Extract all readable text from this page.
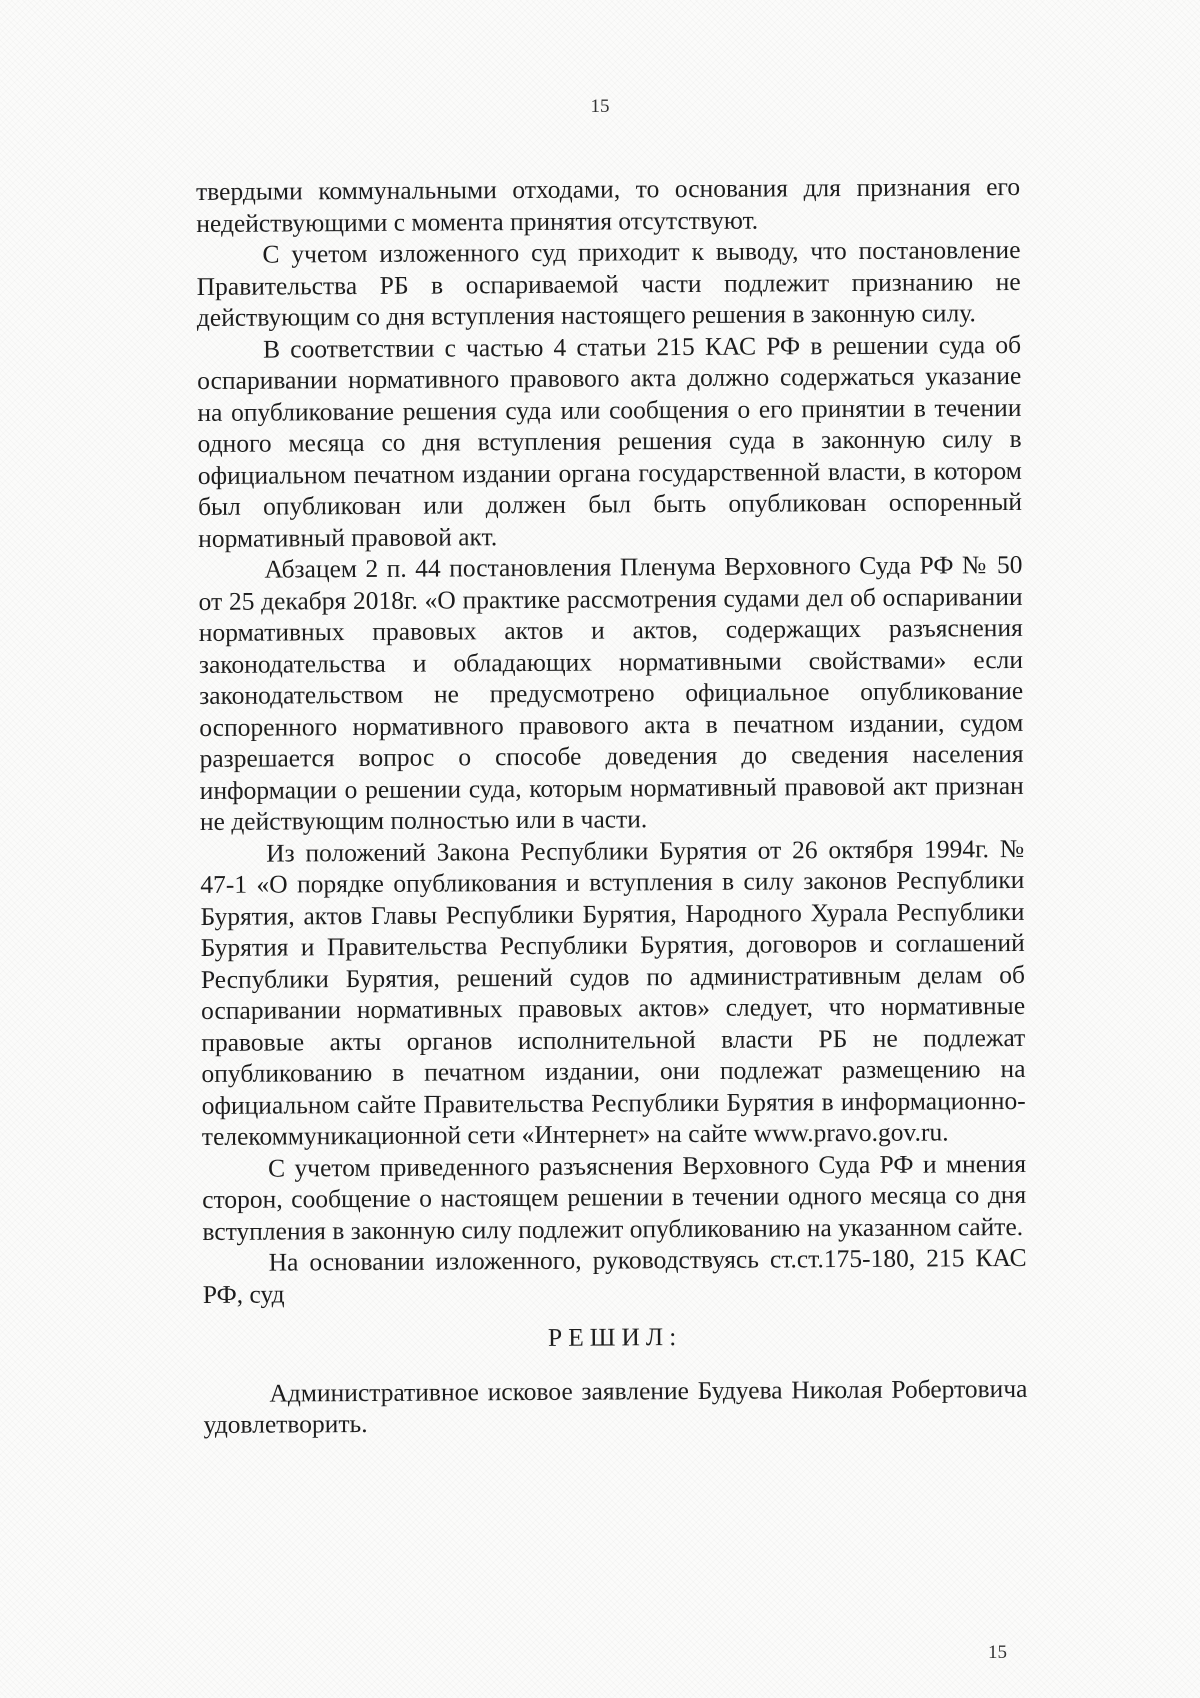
15

твердыми коммунальными отходами, то основания для признания его недействующими с момента принятия отсутствуют.

С учетом изложенного суд приходит к выводу, что постановление Правительства РБ в оспариваемой части подлежит признанию не действующим со дня вступления настоящего решения в законную силу.

В соответствии с частью 4 статьи 215 КАС РФ в решении суда об оспаривании нормативного правового акта должно содержаться указание на опубликование решения суда или сообщения о его принятии в течении одного месяца со дня вступления решения суда в законную силу в официальном печатном издании органа государственной власти, в котором был опубликован или должен был быть опубликован оспоренный нормативный правовой акт.

Абзацем 2 п. 44 постановления Пленума Верховного Суда РФ № 50 от 25 декабря 2018г. «О практике рассмотрения судами дел об оспаривании нормативных правовых актов и актов, содержащих разъяснения законодательства и обладающих нормативными свойствами» если законодательством не предусмотрено официальное опубликование оспоренного нормативного правового акта в печатном издании, судом разрешается вопрос о способе доведения до сведения населения информации о решении суда, которым нормативный правовой акт признан не действующим полностью или в части.

Из положений Закона Республики Бурятия от 26 октября 1994г. № 47-1 «О порядке опубликования и вступления в силу законов Республики Бурятия, актов Главы Республики Бурятия, Народного Хурала Республики Бурятия и Правительства Республики Бурятия, договоров и соглашений Республики Бурятия, решений судов по административным делам об оспаривании нормативных правовых актов» следует, что нормативные правовые акты органов исполнительной власти РБ не подлежат опубликованию в печатном издании, они подлежат размещению на официальном сайте Правительства Республики Бурятия в информационно-телекоммуникационной сети «Интернет» на сайте www.pravo.gov.ru.

С учетом приведенного разъяснения Верховного Суда РФ и мнения сторон, сообщение о настоящем решении в течении одного месяца со дня вступления в законную силу подлежит опубликованию на указанном сайте.

На основании изложенного, руководствуясь ст.ст.175-180, 215 КАС РФ, суд

РЕШИЛ:

Административное исковое заявление Будуева Николая Робертовича удовлетворить.

15
